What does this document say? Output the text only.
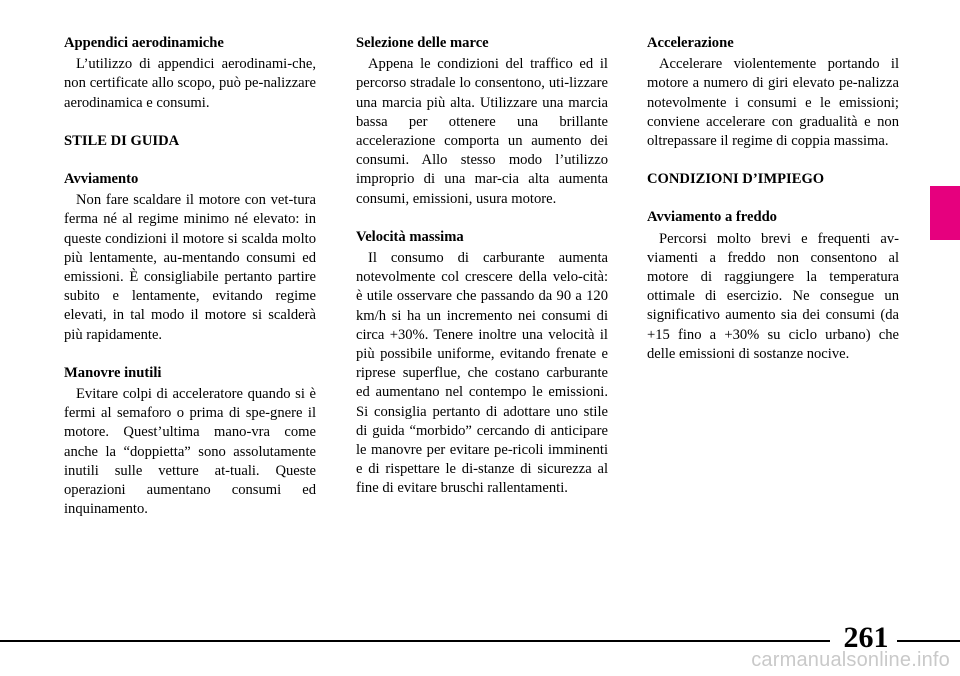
Appendici aerodinamiche

L’utilizzo di appendici aerodinami-che, non certificate allo scopo, può pe-nalizzare aerodinamica e consumi.

STILE DI GUIDA
Avviamento

Non fare scaldare il motore con vet-tura ferma né al regime minimo né elevato: in queste condizioni il motore si scalda molto più lentamente, au-mentando consumi ed emissioni. È consigliabile pertanto partire subito e lentamente, evitando regime elevati, in tal modo il motore si scalderà più rapidamente.

Manovre inutili

Evitare colpi di acceleratore quando si è fermi al semaforo o prima di spe-gnere il motore. Quest’ultima mano-vra come anche la “doppietta” sono assolutamente inutili sulle vetture at-tuali. Queste operazioni aumentano consumi ed inquinamento.

Selezione delle marce

Appena le condizioni del traffico ed il percorso stradale lo consentono, uti-lizzare una marcia più alta. Utilizzare una marcia bassa per ottenere una brillante accelerazione comporta un aumento dei consumi. Allo stesso modo l’utilizzo improprio di una mar-cia alta aumenta consumi, emissioni, usura motore.

Velocità massima

Il consumo di carburante aumenta notevolmente col crescere della velo-cità: è utile osservare che passando da 90 a 120 km/h si ha un incremento nei consumi di circa +30%. Tenere inoltre una velocità il più possibile uniforme, evitando frenate e riprese superflue, che costano carburante ed aumentano nel contempo le emissioni. Si consiglia pertanto di adottare uno stile di guida “morbido” cercando di anticipare le manovre per evitare pe-ricoli imminenti e di rispettare le di-stanze di sicurezza al fine di evitare bruschi rallentamenti.

Accelerazione

Accelerare violentemente portando il motore a numero di giri elevato pe-nalizza notevolmente i consumi e le emissioni; conviene accelerare con gradualità e non oltrepassare il regime di coppia massima.

CONDIZIONI D’IMPIEGO
Avviamento a freddo

Percorsi molto brevi e frequenti av-viamenti a freddo non consentono al motore di raggiungere la temperatura ottimale di esercizio. Ne consegue un significativo aumento sia dei consumi (da +15 fino a +30% su ciclo urbano) che delle emissioni di sostanze nocive.

261
carmanualsonline.info
